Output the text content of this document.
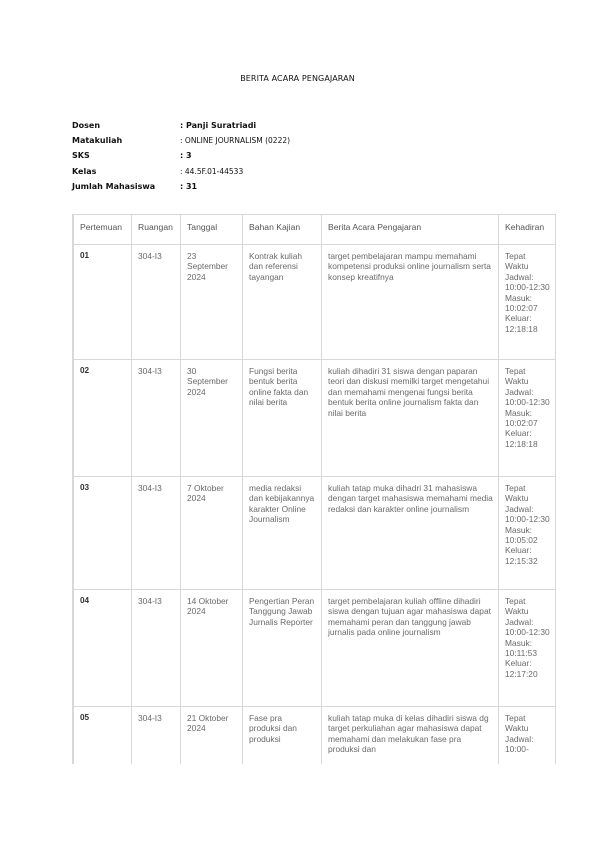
BERITA ACARA PENGAJARAN
Dosen	: Panji Suratriadi
Matakuliah	: ONLINE JOURNALISM (0222)
SKS	: 3
Kelas	: 44.5F.01-44533
Jumlah Mahasiswa	: 31
Pertemuan	Ruangan	Tanggal	Bahan Kajian	Berita Acara Pengajaran	Kehadiran
01	304-I3	23 September 2024	Kontrak kuliah dan referensi tayangan	target pembelajaran mampu memahami kompetensi produksi online journalism serta konsep kreatifnya	Tepat Waktu Jadwal: 10:00-12:30 Masuk: 10:02:07 Keluar: 12:18:18
02	304-I3	30 September 2024	Fungsi berita bentuk berita online fakta dan nilai berita	kuliah dihadiri 31 siswa dengan paparan teori dan diskusi memilki target mengetahui dan memahami mengenai fungsi berita bentuk berita online journalism fakta dan nilai berita	Tepat Waktu Jadwal: 10:00-12:30 Masuk: 10:02:07 Keluar: 12:18:18
03	304-I3	7 Oktober 2024	media redaksi dan kebijakannya karakter Online Journalism	kuliah tatap muka dihadri 31 mahasiswa dengan target mahasiswa memahami media redaksi dan karakter online journalism	Tepat Waktu Jadwal: 10:00-12:30 Masuk: 10:05:02 Keluar: 12:15:32
04	304-I3	14 Oktober 2024	Pengertian Peran Tanggung Jawab Jurnalis Reporter	target pembelajaran kuliah offline dihadiri siswa dengan tujuan agar mahasiswa dapat memahami peran dan tanggung jawab jurnalis pada online journalism	Tepat Waktu Jadwal: 10:00-12:30 Masuk: 10:11:53 Keluar: 12:17:20
05	304-I3	21 Oktober 2024	Fase pra produksi dan produksi	kuliah tatap muka di kelas dihadiri siswa dg target perkuliahan agar mahasiswa dapat memahami dan melakukan fase pra produksi dan	Tepat Waktu Jadwal: 10:00-
